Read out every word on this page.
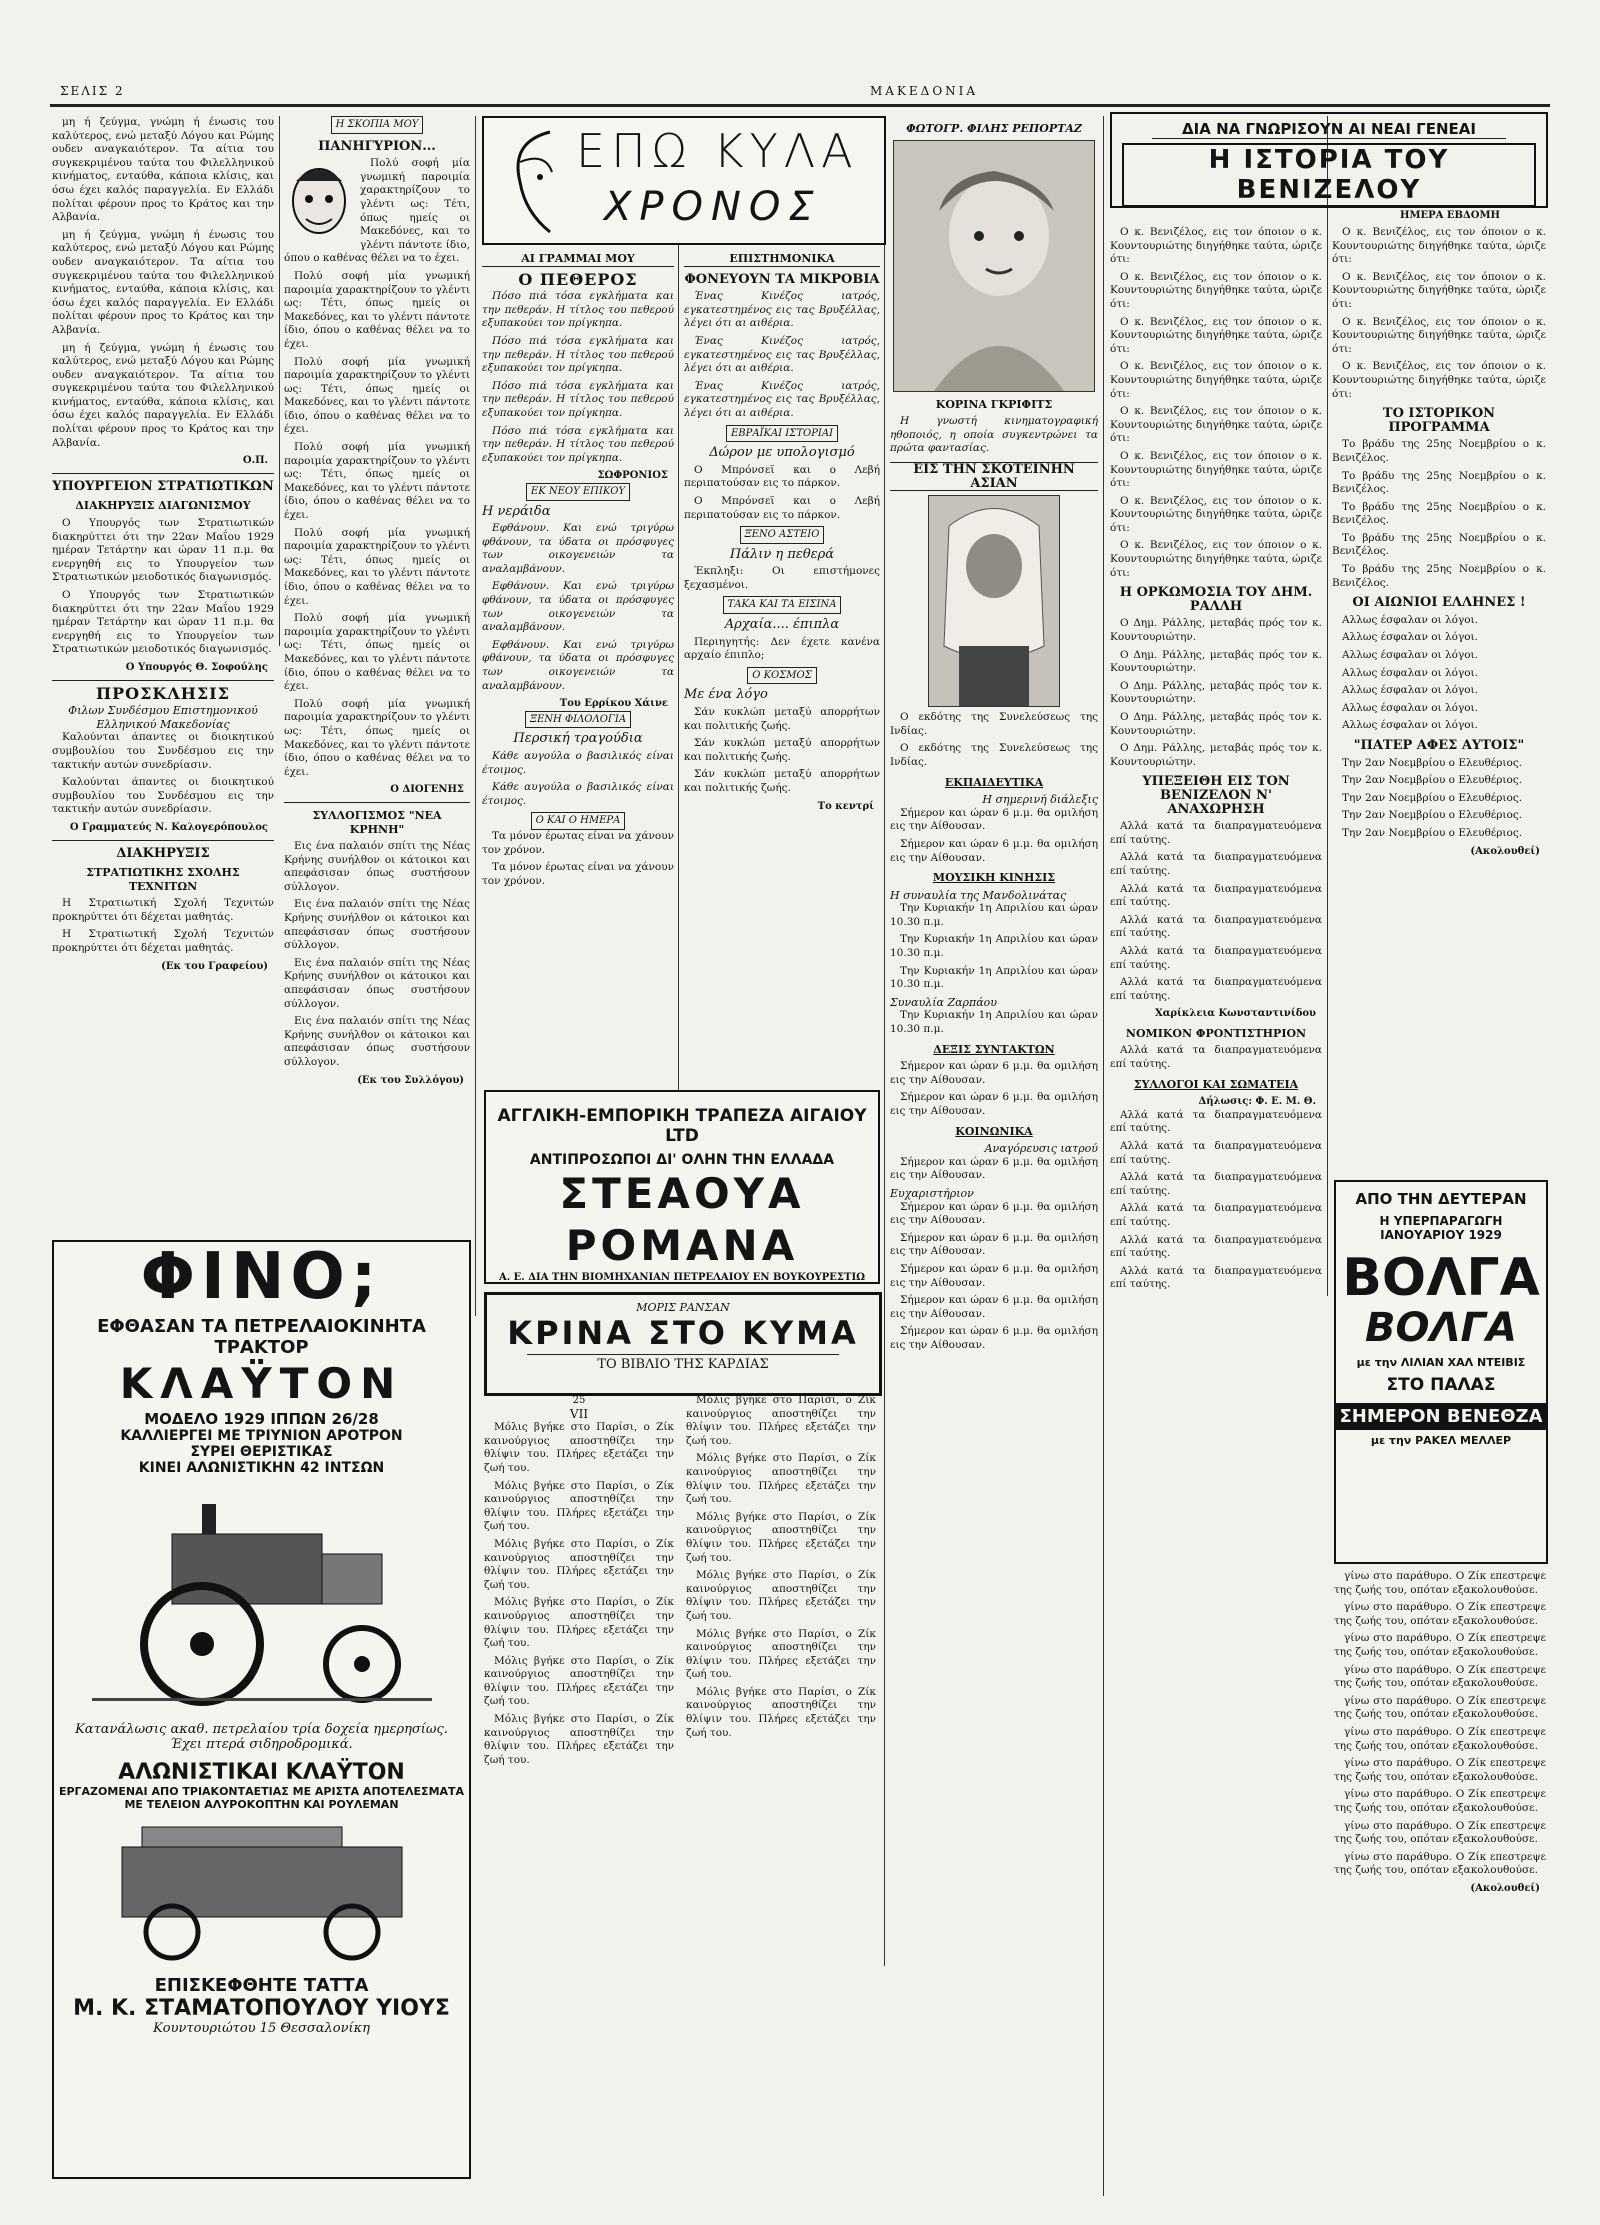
ΣΕΛΙΣ 2	ΜΑΚΕΔΟΝΙΑ

μη ή ζεύγμα, γνώμη ή ένωσις του καλύτερος, ενώ μεταξύ Λόγου και Ρώμης ουδεν αναγκαιότερον. Τα αίτια του συγκεκριμένου ταύτα του Φιλελληνικού κινήματος, ενταύθα, κάποια κλίσις, και όσω έχει καλός παραγγελία. Εν Ελλάδι πολίται φέρουν προς το Κράτος και την Αλβανία.

μη ή ζεύγμα, γνώμη ή ένωσις του καλύτερος, ενώ μεταξύ Λόγου και Ρώμης ουδεν αναγκαιότερον. Τα αίτια του συγκεκριμένου ταύτα του Φιλελληνικού κινήματος, ενταύθα, κάποια κλίσις, και όσω έχει καλός παραγγελία. Εν Ελλάδι πολίται φέρουν προς το Κράτος και την Αλβανία.

μη ή ζεύγμα, γνώμη ή ένωσις του καλύτερος, ενώ μεταξύ Λόγου και Ρώμης ουδεν αναγκαιότερον. Τα αίτια του συγκεκριμένου ταύτα του Φιλελληνικού κινήματος, ενταύθα, κάποια κλίσις, και όσω έχει καλός παραγγελία. Εν Ελλάδι πολίται φέρουν προς το Κράτος και την Αλβανία.

Ο.Π.
ΥΠΟΥΡΓΕΙΟΝ ΣΤΡΑΤΙΩΤΙΚΩΝ
ΔΙΑΚΗΡΥΞΙΣ ΔΙΑΓΩΝΙΣΜΟΥ

Ο Υπουργός των Στρατιωτικών διακηρύττει ότι την 22αν Μαΐου 1929 ημέραν Τετάρτην και ώραν 11 π.μ. θα ενεργηθή εις το Υπουργείον των Στρατιωτικών μειοδοτικός διαγωνισμός.

Ο Υπουργός των Στρατιωτικών διακηρύττει ότι την 22αν Μαΐου 1929 ημέραν Τετάρτην και ώραν 11 π.μ. θα ενεργηθή εις το Υπουργείον των Στρατιωτικών μειοδοτικός διαγωνισμός.

Ο Υπουργός Θ. Σοφούλης
ΠΡΟΣΚΛΗΣΙΣ
Φιλων Συνδέσμου Επιστημονικού Ελληνικού Μακεδονίας

Καλούνται άπαντες οι διοικητικού συμβουλίου του Συνδέσμου εις την τακτικήν αυτών συνεδρίασιν.

Καλούνται άπαντες οι διοικητικού συμβουλίου του Συνδέσμου εις την τακτικήν αυτών συνεδρίασιν.

Ο Γραμματεύς Ν. Καλογερόπουλος
ΔΙΑΚΗΡΥΞΙΣ
ΣΤΡΑΤΙΩΤΙΚΗΣ ΣΧΟΛΗΣ ΤΕΧΝΙΤΩΝ

Η Στρατιωτική Σχολή Τεχνιτών προκηρύττει ότι δέχεται μαθητάς.

Η Στρατιωτική Σχολή Τεχνιτών προκηρύττει ότι δέχεται μαθητάς.

(Εκ του Γραφείου)
Η ΣΚΟΠΙΑ ΜΟΥ
ΠΑΝΗΓΥΡΙΟΝ...

Πολύ σοφή μία γνωμική παροιμία χαρακτηρίζουν το γλέντι ως: Τέτι, όπως ημείς οι Μακεδόνες, και το γλέντι πάντοτε ίδιο, όπου ο καθένας θέλει να το έχει.

Πολύ σοφή μία γνωμική παροιμία χαρακτηρίζουν το γλέντι ως: Τέτι, όπως ημείς οι Μακεδόνες, και το γλέντι πάντοτε ίδιο, όπου ο καθένας θέλει να το έχει.

Πολύ σοφή μία γνωμική παροιμία χαρακτηρίζουν το γλέντι ως: Τέτι, όπως ημείς οι Μακεδόνες, και το γλέντι πάντοτε ίδιο, όπου ο καθένας θέλει να το έχει.

Πολύ σοφή μία γνωμική παροιμία χαρακτηρίζουν το γλέντι ως: Τέτι, όπως ημείς οι Μακεδόνες, και το γλέντι πάντοτε ίδιο, όπου ο καθένας θέλει να το έχει.

Πολύ σοφή μία γνωμική παροιμία χαρακτηρίζουν το γλέντι ως: Τέτι, όπως ημείς οι Μακεδόνες, και το γλέντι πάντοτε ίδιο, όπου ο καθένας θέλει να το έχει.

Πολύ σοφή μία γνωμική παροιμία χαρακτηρίζουν το γλέντι ως: Τέτι, όπως ημείς οι Μακεδόνες, και το γλέντι πάντοτε ίδιο, όπου ο καθένας θέλει να το έχει.

Πολύ σοφή μία γνωμική παροιμία χαρακτηρίζουν το γλέντι ως: Τέτι, όπως ημείς οι Μακεδόνες, και το γλέντι πάντοτε ίδιο, όπου ο καθένας θέλει να το έχει.

Ο ΔΙΟΓΕΝΗΣ
ΣΥΛΛΟΓΙΣΜΟΣ "ΝΕΑ ΚΡΗΝΗ"

Εις ένα παλαιόν σπίτι της Νέας Κρήνης συνήλθον οι κάτοικοι και απεφάσισαν όπως συστήσουν σύλλογον.

Εις ένα παλαιόν σπίτι της Νέας Κρήνης συνήλθον οι κάτοικοι και απεφάσισαν όπως συστήσουν σύλλογον.

Εις ένα παλαιόν σπίτι της Νέας Κρήνης συνήλθον οι κάτοικοι και απεφάσισαν όπως συστήσουν σύλλογον.

Εις ένα παλαιόν σπίτι της Νέας Κρήνης συνήλθον οι κάτοικοι και απεφάσισαν όπως συστήσουν σύλλογον.

(Εκ του Συλλόγου)
ΦΙΝΟ;
ΕΦΘΑΣΑΝ ΤΑ ΠΕΤΡΕΛΑΙΟΚΙΝΗΤΑ ΤΡΑΚΤΟΡ
ΚΛΑΫΤΟΝ
ΜΟΔΕΛΟ 1929 ΙΠΠΩΝ 26/28
ΚΑΛΛΙΕΡΓΕΙ ΜΕ ΤΡΙΥΝΙΟΝ ΑΡΟΤΡΟΝ
ΣΥΡΕΙ ΘΕΡΙΣΤΙΚΑΣ
ΚΙΝΕΙ ΑΛΩΝΙΣΤΙΚΗΝ 42 ΙΝΤΣΩΝ
Κατανάλωσις ακαθ. πετρελαίου τρία δοχεία ημερησίως. Έχει πτερά σιδηροδρομικά.
ΑΛΩΝΙΣΤΙΚΑΙ ΚΛΑΫΤΟΝ
ΕΡΓΑΖΟΜΕΝΑΙ ΑΠΟ ΤΡΙΑΚΟΝΤΑΕΤΙΑΣ ΜΕ ΑΡΙΣΤΑ ΑΠΟΤΕΛΕΣΜΑΤΑ
ΜΕ ΤΕΛΕΙΟΝ ΑΛΥΡΟΚΟΠΤΗΝ ΚΑΙ ΡΟΥΛΕΜΑΝ
ΕΠΙΣΚΕΦΘΗΤΕ ΤΑΤΤΑ
Μ. Κ. ΣΤΑΜΑΤΟΠΟΥΛΟΥ ΥΙΟΥΣ
Κουντουριώτου 15 Θεσσαλονίκη
ΕΠΩ ΚΥΛΑ
ΧΡΟΝΟΣ
ΑΙ ΓΡΑΜΜΑΙ ΜΟΥ
Ο ΠΕΘΕΡΟΣ

Πόσο πιά τόσα εγκλήματα και την πεθεράν. Η τίτλος του πεθερού εξυπακούει τον πρίγκηπα.

Πόσο πιά τόσα εγκλήματα και την πεθεράν. Η τίτλος του πεθερού εξυπακούει τον πρίγκηπα.

Πόσο πιά τόσα εγκλήματα και την πεθεράν. Η τίτλος του πεθερού εξυπακούει τον πρίγκηπα.

Πόσο πιά τόσα εγκλήματα και την πεθεράν. Η τίτλος του πεθερού εξυπακούει τον πρίγκηπα.

ΣΩΦΡΟΝΙΟΣ
ΕΚ ΝΕΟΥ ΕΠΙΚΟΥ
Η νεράιδα

Εφθάνουν. Και ενώ τριγύρω φθάνουν, τα ύδατα οι πρόσφυγες των οικογενειών τα αναλαμβάνουν.

Εφθάνουν. Και ενώ τριγύρω φθάνουν, τα ύδατα οι πρόσφυγες των οικογενειών τα αναλαμβάνουν.

Εφθάνουν. Και ενώ τριγύρω φθάνουν, τα ύδατα οι πρόσφυγες των οικογενειών τα αναλαμβάνουν.

Του Ερρίκου Χάινε
ΞΕΝΗ ΦΙΛΟΛΟΓΙΑ
Περσική τραγούδια

Κάθε αυγούλα ο βασιλικός είναι έτοιμος.

Κάθε αυγούλα ο βασιλικός είναι έτοιμος.

Ο ΚΑΙ Ο ΗΜΕΡΑ

Τα μόνον έρωτας είναι να χάνουν τον χρόνον.

Τα μόνον έρωτας είναι να χάνουν τον χρόνον.

ΕΠΙΣΤΗΜΟΝΙΚΑ
ΦΟΝΕΥΟΥΝ ΤΑ ΜΙΚΡΟΒΙΑ

Ένας Κινέζος ιατρός, εγκατεστημένος εις τας Βρυξέλλας, λέγει ότι αι αιθέρια.

Ένας Κινέζος ιατρός, εγκατεστημένος εις τας Βρυξέλλας, λέγει ότι αι αιθέρια.

Ένας Κινέζος ιατρός, εγκατεστημένος εις τας Βρυξέλλας, λέγει ότι αι αιθέρια.

ΕΒΡΑΪΚΑΙ ΙΣΤΟΡΙΑΙ
Δώρον με υπολογισμό

Ο Μπρόνσεϊ και ο Λεβή περιπατούσαν εις το πάρκον.

Ο Μπρόνσεϊ και ο Λεβή περιπατούσαν εις το πάρκον.

ΞΕΝΟ ΑΣΤΕΙΟ
Πάλιν η πεθερά

Έκπληξι: Οι επιστήμονες ξεχασμένοι.

ΤΑΚΑ ΚΑΙ ΤΑ ΕΙΣΙΝΑ
Αρχαία.... έπιπλα

Περιηγητής: Δεν έχετε κανένα αρχαίο έπιπλο;

Ο ΚΟΣΜΟΣ
Με ένα λόγο

Σάν κυκλώπ μεταξύ απορρήτων και πολιτικής ζωής.

Σάν κυκλώπ μεταξύ απορρήτων και πολιτικής ζωής.

Σάν κυκλώπ μεταξύ απορρήτων και πολιτικής ζωής.

Το κεντρί
ΑΓΓΛΙΚΗ-ΕΜΠΟΡΙΚΗ ΤΡΑΠΕΖΑ ΑΙΓΑΙΟΥ LTD
ΑΝΤΙΠΡΟΣΩΠΟΙ ΔΙ' ΟΛΗΝ ΤΗΝ ΕΛΛΑΔΑ
ΣΤΕΑΟΥΑ ΡΟΜΑΝΑ
Α. Ε. ΔΙΑ ΤΗΝ ΒΙΟΜΗΧΑΝΙΑΝ ΠΕΤΡΕΛΑΙΟΥ ΕΝ ΒΟΥΚΟΥΡΕΣΤΙΩ
ΜΟΡΙΣ ΡΑΝΣΑΝ
ΚΡΙΝΑ ΣΤΟ ΚΥΜΑ
ΤΟ ΒΙΒΛΙΟ ΤΗΣ ΚΑΡΔΙΑΣ
25
VII

Μόλις βγήκε στο Παρίσι, ο Ζίκ καινούργιος αποστηθίζει την θλίψιν του. Πλήρες εξετάζει την ζωή του.

Μόλις βγήκε στο Παρίσι, ο Ζίκ καινούργιος αποστηθίζει την θλίψιν του. Πλήρες εξετάζει την ζωή του.

Μόλις βγήκε στο Παρίσι, ο Ζίκ καινούργιος αποστηθίζει την θλίψιν του. Πλήρες εξετάζει την ζωή του.

Μόλις βγήκε στο Παρίσι, ο Ζίκ καινούργιος αποστηθίζει την θλίψιν του. Πλήρες εξετάζει την ζωή του.

Μόλις βγήκε στο Παρίσι, ο Ζίκ καινούργιος αποστηθίζει την θλίψιν του. Πλήρες εξετάζει την ζωή του.

Μόλις βγήκε στο Παρίσι, ο Ζίκ καινούργιος αποστηθίζει την θλίψιν του. Πλήρες εξετάζει την ζωή του.

Μόλις βγήκε στο Παρίσι, ο Ζίκ καινούργιος αποστηθίζει την θλίψιν του. Πλήρες εξετάζει την ζωή του.

Μόλις βγήκε στο Παρίσι, ο Ζίκ καινούργιος αποστηθίζει την θλίψιν του. Πλήρες εξετάζει την ζωή του.

Μόλις βγήκε στο Παρίσι, ο Ζίκ καινούργιος αποστηθίζει την θλίψιν του. Πλήρες εξετάζει την ζωή του.

Μόλις βγήκε στο Παρίσι, ο Ζίκ καινούργιος αποστηθίζει την θλίψιν του. Πλήρες εξετάζει την ζωή του.

Μόλις βγήκε στο Παρίσι, ο Ζίκ καινούργιος αποστηθίζει την θλίψιν του. Πλήρες εξετάζει την ζωή του.

Μόλις βγήκε στο Παρίσι, ο Ζίκ καινούργιος αποστηθίζει την θλίψιν του. Πλήρες εξετάζει την ζωή του.

ΦΩΤΟΓΡ. ΦΙΛΗΣ ΡΕΠΟΡΤΑΖ
ΚΟΡΙΝΑ ΓΚΡΙΦΙΤΣ

Η γνωστή κινηματογραφική ηθοποιός, η οποία συγκεντρώνει τα πρώτα φαντασίας.

ΕΙΣ ΤΗΝ ΣΚΟΤΕΙΝΗΝ ΑΣΙΑΝ

Ο εκδότης της Συνελεύσεως της Ινδίας.

Ο εκδότης της Συνελεύσεως της Ινδίας.

ΕΚΠΑΙΔΕΥΤΙΚΑ
Η σημερινή διάλεξις

Σήμερον και ώραν 6 μ.μ. θα ομιλήση εις την Αίθουσαν.

Σήμερον και ώραν 6 μ.μ. θα ομιλήση εις την Αίθουσαν.

ΜΟΥΣΙΚΗ ΚΙΝΗΣΙΣ
Η συναυλία της Μανδολινάτας

Την Κυριακήν 1η Απριλίου και ώραν 10.30 π.μ.

Την Κυριακήν 1η Απριλίου και ώραν 10.30 π.μ.

Την Κυριακήν 1η Απριλίου και ώραν 10.30 π.μ.

Συναυλία Ζαρπάου

Την Κυριακήν 1η Απριλίου και ώραν 10.30 π.μ.

ΔΕΞΙΣ ΣΥΝΤΑΚΤΩΝ

Σήμερον και ώραν 6 μ.μ. θα ομιλήση εις την Αίθουσαν.

Σήμερον και ώραν 6 μ.μ. θα ομιλήση εις την Αίθουσαν.

ΚΟΙΝΩΝΙΚΑ
Αναγόρευσις ιατρού

Σήμερον και ώραν 6 μ.μ. θα ομιλήση εις την Αίθουσαν.

Ευχαριστήριον

Σήμερον και ώραν 6 μ.μ. θα ομιλήση εις την Αίθουσαν.

Σήμερον και ώραν 6 μ.μ. θα ομιλήση εις την Αίθουσαν.

Σήμερον και ώραν 6 μ.μ. θα ομιλήση εις την Αίθουσαν.

Σήμερον και ώραν 6 μ.μ. θα ομιλήση εις την Αίθουσαν.

Σήμερον και ώραν 6 μ.μ. θα ομιλήση εις την Αίθουσαν.

ΔΙΑ ΝΑ ΓΝΩΡΙΣΟΥΝ ΑΙ ΝΕΑΙ ΓΕΝΕΑΙ
Η ΙΣΤΟΡΙΑ ΤΟΥ ΒΕΝΙΖΕΛΟΥ
ΗΜΕΡΑ ΕΒΔΟΜΗ

Ο κ. Βενιζέλος, εις τον όποιον ο κ. Κουντουριώτης διηγήθηκε ταύτα, ώριζε ότι:

Ο κ. Βενιζέλος, εις τον όποιον ο κ. Κουντουριώτης διηγήθηκε ταύτα, ώριζε ότι:

Ο κ. Βενιζέλος, εις τον όποιον ο κ. Κουντουριώτης διηγήθηκε ταύτα, ώριζε ότι:

Ο κ. Βενιζέλος, εις τον όποιον ο κ. Κουντουριώτης διηγήθηκε ταύτα, ώριζε ότι:

Ο κ. Βενιζέλος, εις τον όποιον ο κ. Κουντουριώτης διηγήθηκε ταύτα, ώριζε ότι:

Ο κ. Βενιζέλος, εις τον όποιον ο κ. Κουντουριώτης διηγήθηκε ταύτα, ώριζε ότι:

Ο κ. Βενιζέλος, εις τον όποιον ο κ. Κουντουριώτης διηγήθηκε ταύτα, ώριζε ότι:

Ο κ. Βενιζέλος, εις τον όποιον ο κ. Κουντουριώτης διηγήθηκε ταύτα, ώριζε ότι:

Η ΟΡΚΩΜΟΣΙΑ ΤΟΥ ΔΗΜ. ΡΑΛΛΗ

Ο Δημ. Ράλλης, μεταβάς πρός τον κ. Κουντουριώτην.

Ο Δημ. Ράλλης, μεταβάς πρός τον κ. Κουντουριώτην.

Ο Δημ. Ράλλης, μεταβάς πρός τον κ. Κουντουριώτην.

Ο Δημ. Ράλλης, μεταβάς πρός τον κ. Κουντουριώτην.

Ο Δημ. Ράλλης, μεταβάς πρός τον κ. Κουντουριώτην.

ΥΠΕΞΕΙΘΗ ΕΙΣ ΤΟΝ ΒΕΝΙΖΕΛΟΝ Ν' ΑΝΑΧΩΡΗΣΗ

Αλλά κατά τα διαπραγματευόμενα επί ταύτης.

Αλλά κατά τα διαπραγματευόμενα επί ταύτης.

Αλλά κατά τα διαπραγματευόμενα επί ταύτης.

Αλλά κατά τα διαπραγματευόμενα επί ταύτης.

Αλλά κατά τα διαπραγματευόμενα επί ταύτης.

Αλλά κατά τα διαπραγματευόμενα επί ταύτης.

Χαρίκλεια Κωνσταντινίδου
ΝΟΜΙΚΟΝ ΦΡΟΝΤΙΣΤΗΡΙΟΝ

Αλλά κατά τα διαπραγματευόμενα επί ταύτης.

ΣΥΛΛΟΓΟΙ ΚΑΙ ΣΩΜΑΤΕΙΑ
Δήλωσις: Φ. Ε. Μ. Θ.

Αλλά κατά τα διαπραγματευόμενα επί ταύτης.

Αλλά κατά τα διαπραγματευόμενα επί ταύτης.

Αλλά κατά τα διαπραγματευόμενα επί ταύτης.

Αλλά κατά τα διαπραγματευόμενα επί ταύτης.

Αλλά κατά τα διαπραγματευόμενα επί ταύτης.

Αλλά κατά τα διαπραγματευόμενα επί ταύτης.

Ο κ. Βενιζέλος, εις τον όποιον ο κ. Κουντουριώτης διηγήθηκε ταύτα, ώριζε ότι:

Ο κ. Βενιζέλος, εις τον όποιον ο κ. Κουντουριώτης διηγήθηκε ταύτα, ώριζε ότι:

Ο κ. Βενιζέλος, εις τον όποιον ο κ. Κουντουριώτης διηγήθηκε ταύτα, ώριζε ότι:

Ο κ. Βενιζέλος, εις τον όποιον ο κ. Κουντουριώτης διηγήθηκε ταύτα, ώριζε ότι:

ΤΟ ΙΣΤΟΡΙΚΟΝ ΠΡΟΓΡΑΜΜΑ

Το βράδυ της 25ης Νοεμβρίου ο κ. Βενιζέλος.

Το βράδυ της 25ης Νοεμβρίου ο κ. Βενιζέλος.

Το βράδυ της 25ης Νοεμβρίου ο κ. Βενιζέλος.

Το βράδυ της 25ης Νοεμβρίου ο κ. Βενιζέλος.

Το βράδυ της 25ης Νοεμβρίου ο κ. Βενιζέλος.

ΟΙ ΑΙΩΝΙΟΙ ΕΛΛΗΝΕΣ !

Αλλως έσφαλαν οι λόγοι.

Αλλως έσφαλαν οι λόγοι.

Αλλως έσφαλαν οι λόγοι.

Αλλως έσφαλαν οι λόγοι.

Αλλως έσφαλαν οι λόγοι.

Αλλως έσφαλαν οι λόγοι.

Αλλως έσφαλαν οι λόγοι.

"ΠΑΤΕΡ ΑΦΕΣ ΑΥΤΟΙΣ"

Την 2αν Νοεμβρίου ο Ελευθέριος.

Την 2αν Νοεμβρίου ο Ελευθέριος.

Την 2αν Νοεμβρίου ο Ελευθέριος.

Την 2αν Νοεμβρίου ο Ελευθέριος.

Την 2αν Νοεμβρίου ο Ελευθέριος.

(Ακολουθεί)
ΑΠΟ ΤΗΝ ΔΕΥΤΕΡΑΝ
Η ΥΠΕΡΠΑΡΑΓΩΓΗ ΙΑΝΟΥΑΡΙΟΥ 1929
ΒΟΛΓΑ
ΒΟΛΓΑ
με την ΛΙΛΙΑΝ ΧΑΛ ΝΤΕΙΒΙΣ
ΣΤΟ ΠΑΛΑΣ
ΣΗΜΕΡΟΝ ΒΕΝΕΘΖΑ
με την ΡΑΚΕΛ ΜΕΛΛΕΡ

γίνω στο παράθυρο. Ο Ζίκ επεστρεψε της ζωής του, οπόταν εξακολουθούσε.

γίνω στο παράθυρο. Ο Ζίκ επεστρεψε της ζωής του, οπόταν εξακολουθούσε.

γίνω στο παράθυρο. Ο Ζίκ επεστρεψε της ζωής του, οπόταν εξακολουθούσε.

γίνω στο παράθυρο. Ο Ζίκ επεστρεψε της ζωής του, οπόταν εξακολουθούσε.

γίνω στο παράθυρο. Ο Ζίκ επεστρεψε της ζωής του, οπόταν εξακολουθούσε.

γίνω στο παράθυρο. Ο Ζίκ επεστρεψε της ζωής του, οπόταν εξακολουθούσε.

γίνω στο παράθυρο. Ο Ζίκ επεστρεψε της ζωής του, οπόταν εξακολουθούσε.

γίνω στο παράθυρο. Ο Ζίκ επεστρεψε της ζωής του, οπόταν εξακολουθούσε.

γίνω στο παράθυρο. Ο Ζίκ επεστρεψε της ζωής του, οπόταν εξακολουθούσε.

γίνω στο παράθυρο. Ο Ζίκ επεστρεψε της ζωής του, οπόταν εξακολουθούσε.

(Ακολουθεί)
